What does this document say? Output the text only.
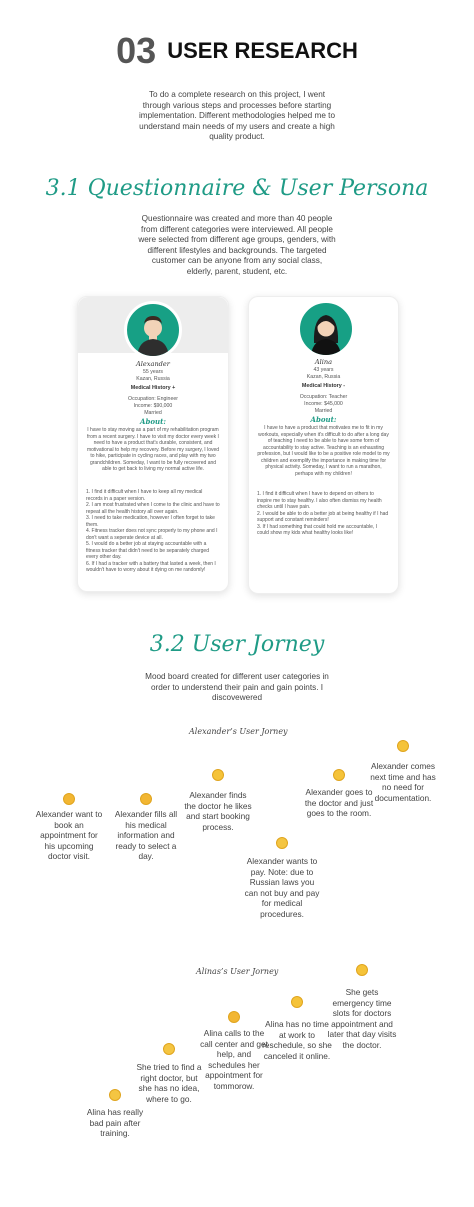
03 USER RESEARCH
To do a complete research on this project, I went through various steps and processes before starting implementation. Different methodologies helped me to understand main needs of my users and create a high quality product.
3.1 Questionnaire & User Persona
Questionnaire was created and more than 40 people from different categories were interviewed. All people were selected from different age groups, genders, with different lifestyles and backgrounds. The targeted customer can be anyone from any social class, elderly, parent, student, etc.
Alexander
55 years
Kazan, Russia
Medical History +
Occupation: Engineer
Income: $90,000
Married
About:
I have to stay moving as a part of my rehabilitation program from a recent surgery. I have to visit my doctor every week I need to have a product that's durable, consistent, and motivational to help my recovery. Before my surgery, I loved to hike, participate in cycling races, and play with my two grandchildren. Someday, I want to be fully recovered and able to get back to living my normal active life.
1. I find it difficult when I have to keep all my medical records in a paper version.
2. I am most frustrated when I come to the clinic and have to repeat all the health history all over again.
3. I need to take medication, however I often forget to take them.
4. Fitness tracker does not sync properly to my phone and I don't want a seperate device at all.
5. I would do a better job at staying accountable with a fitness tracker that didn't need to be separately charged every other day.
6. If I had a tracker with a battery that lasted a week, then I wouldn't have to worry about it dying on me randomly!
Alina
43 years
Kazan, Russia
Medical History -
Occupation: Teacher
Income: $45,000
Married
About:
I have to have a product that motivates me to fit in my workouts, especially when it's difficult to do after a long day of teaching I need to be able to have some form of accountability to stay active. Teaching is an exhausting profession, but I would like to be a positive role model to my children and exemplify the importance in making time for physical activity. Someday, I want to run a marathon, perhaps with my children!
1. I find it difficult when I have to depend on others to inspire me to stay healthy. I also often dismiss my health checks until I have pain.
2. I would be able to do a better job at being healthy if I had support and constant reminders!
3. If I had something that could hold me accountable, I could show my kids what healthy looks like!
3.2 User Jorney
Mood board created for different user categories in order to understend their pain and gain points. I discovewered
Alexander’s User Jorney
Alexander want to book an appointment for his upcoming doctor visit.
Alexander fills all his medical information and ready to select a day.
Alexander finds the doctor he likes and start booking process.
Alexander wants to pay. Note: due to Russian laws you can not buy and pay for medical procedures.
Alexander goes to the doctor and just goes to the room.
Alexander comes next time and has no need for documentation.
Alinas’s User Jorney
Alina has really bad pain after training.
She tried to find a right doctor, but she has no idea, where to go.
Alina calls to the call center and get help, and schedules her appointment for tommorow.
Alina has no time at work to reschedule, so she canceled it online.
She gets emergency time slots for doctors appointment and later that day visits the doctor.
